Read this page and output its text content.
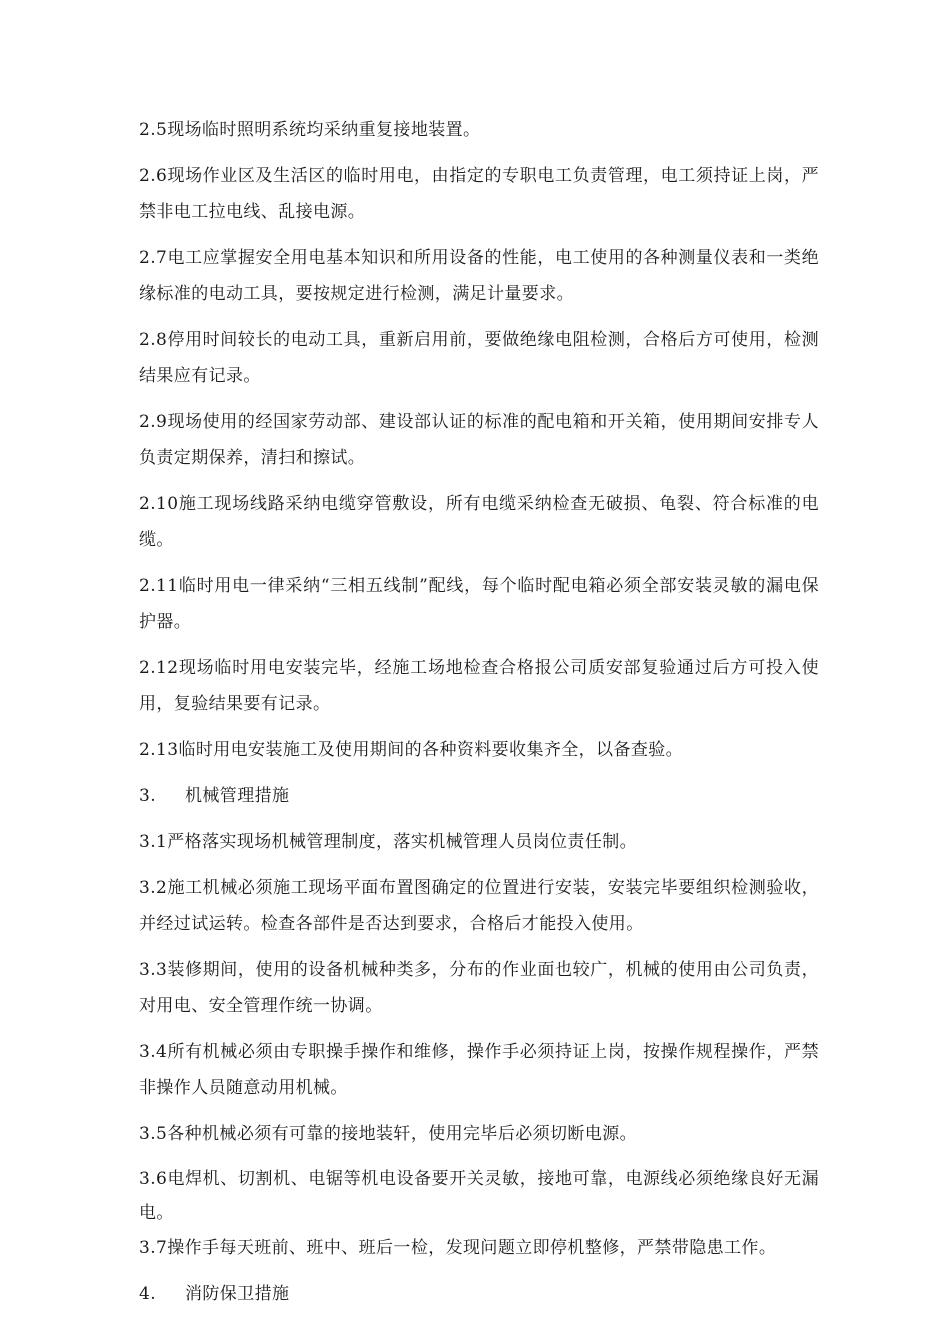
2.5现场临时照明系统均采纳重复接地装置。

2.6现场作业区及生活区的临时用电，由指定的专职电工负责管理，电工须持证上岗，严禁非电工拉电线、乱接电源。

2.7电工应掌握安全用电基本知识和所用设备的性能，电工使用的各种测量仪表和一类绝缘标准的电动工具，要按规定进行检测，满足计量要求。

2.8停用时间较长的电动工具，重新启用前，要做绝缘电阻检测，合格后方可使用，检测结果应有记录。

2.9现场使用的经国家劳动部、建设部认证的标准的配电箱和开关箱，使用期间安排专人负责定期保养，清扫和擦试。

2.10施工现场线路采纳电缆穿管敷设，所有电缆采纳检查无破损、龟裂、符合标准的电缆。

2.11临时用电一律采纳“三相五线制”配线，每个临时配电箱必须全部安装灵敏的漏电保护器。

2.12现场临时用电安装完毕，经施工场地检查合格报公司质安部复验通过后方可投入使用，复验结果要有记录。

2.13临时用电安装施工及使用期间的各种资料要收集齐全，以备查验。

3. 机械管理措施

3.1严格落实现场机械管理制度，落实机械管理人员岗位责任制。

3.2施工机械必须施工现场平面布置图确定的位置进行安装，安装完毕要组织检测验收，并经过试运转。检查各部件是否达到要求，合格后才能投入使用。

3.3装修期间，使用的设备机械种类多，分布的作业面也较广，机械的使用由公司负责，对用电、安全管理作统一协调。

3.4所有机械必须由专职操手操作和维修，操作手必须持证上岗，按操作规程操作，严禁非操作人员随意动用机械。

3.5各种机械必须有可靠的接地装轩，使用完毕后必须切断电源。

3.6电焊机、切割机、电锯等机电设备要开关灵敏，接地可靠，电源线必须绝缘良好无漏电。

3.7操作手每天班前、班中、班后一检，发现问题立即停机整修，严禁带隐患工作。

4. 消防保卫措施
